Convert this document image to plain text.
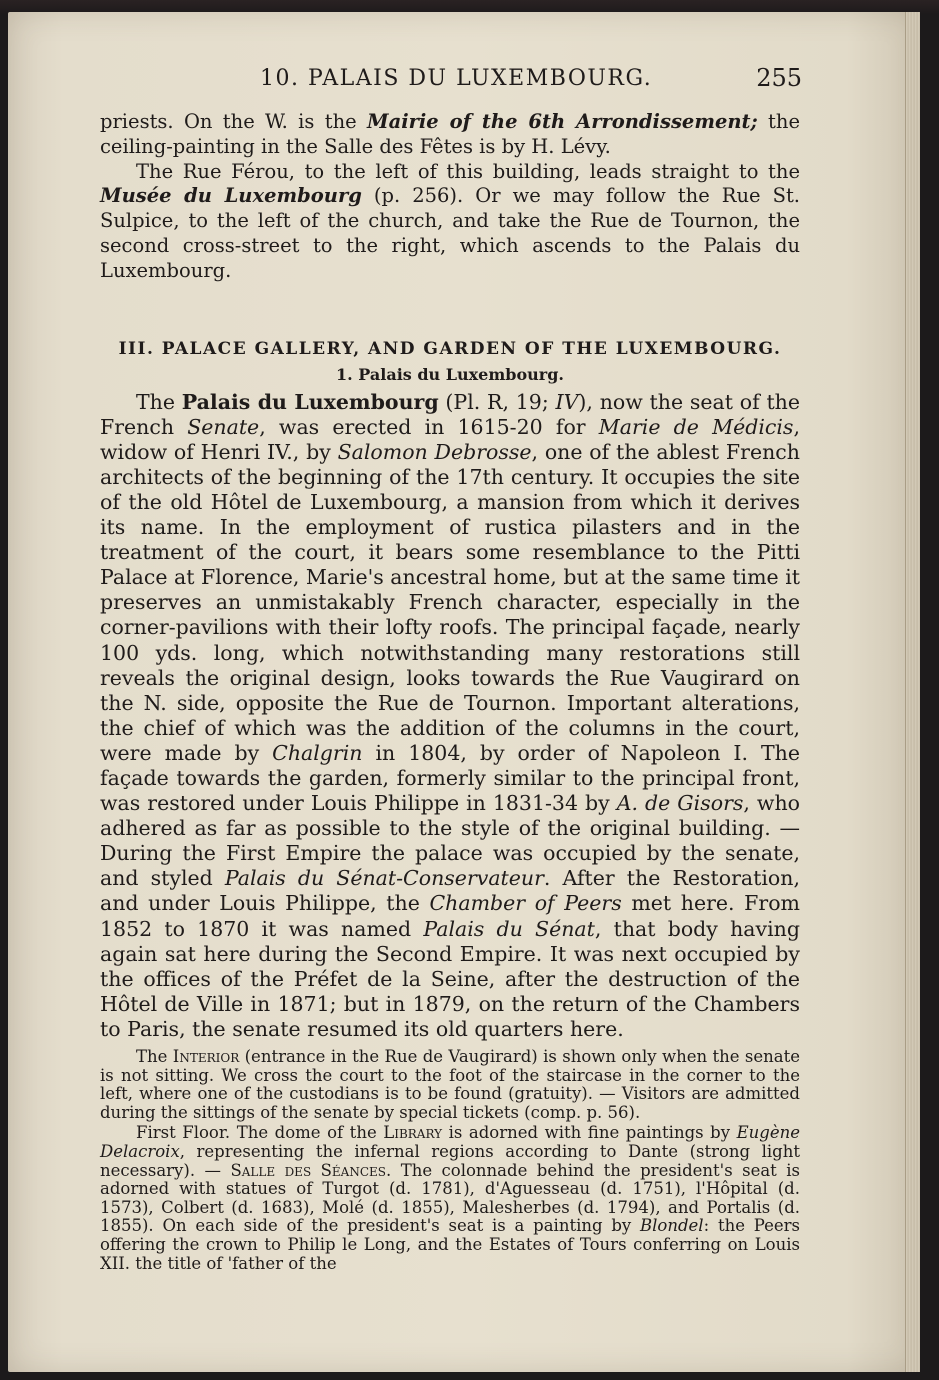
10. PALAIS DU LUXEMBOURG.	255

priests. On the W. is the Mairie of the 6th Arrondissement; the ceiling-painting in the Salle des Fêtes is by H. Lévy.

The Rue Férou, to the left of this building, leads straight to the Musée du Luxembourg (p. 256). Or we may follow the Rue St. Sulpice, to the left of the church, and take the Rue de Tournon, the second cross-street to the right, which ascends to the Palais du Luxembourg.

III. PALACE GALLERY, AND GARDEN OF THE LUXEMBOURG.
1. Palais du Luxembourg.

The Palais du Luxembourg (Pl. R, 19; IV), now the seat of the French Senate, was erected in 1615-20 for Marie de Médicis, widow of Henri IV., by Salomon Debrosse, one of the ablest French architects of the beginning of the 17th century. It occupies the site of the old Hôtel de Luxembourg, a mansion from which it derives its name. In the employment of rustica pilasters and in the treatment of the court, it bears some resemblance to the Pitti Palace at Florence, Marie's ancestral home, but at the same time it preserves an unmistakably French character, especially in the corner-pavilions with their lofty roofs. The principal façade, nearly 100 yds. long, which notwithstanding many restorations still reveals the original design, looks towards the Rue Vaugirard on the N. side, opposite the Rue de Tournon. Important alterations, the chief of which was the addition of the columns in the court, were made by Chalgrin in 1804, by order of Napoleon I. The façade towards the garden, formerly similar to the principal front, was restored under Louis Philippe in 1831-34 by A. de Gisors, who adhered as far as possible to the style of the original building. — During the First Empire the palace was occupied by the senate, and styled Palais du Sénat-Conservateur. After the Restoration, and under Louis Philippe, the Chamber of Peers met here. From 1852 to 1870 it was named Palais du Sénat, that body having again sat here during the Second Empire. It was next occupied by the offices of the Préfet de la Seine, after the destruction of the Hôtel de Ville in 1871; but in 1879, on the return of the Chambers to Paris, the senate resumed its old quarters here.

The Interior (entrance in the Rue de Vaugirard) is shown only when the senate is not sitting. We cross the court to the foot of the staircase in the corner to the left, where one of the custodians is to be found (gratuity). — Visitors are admitted during the sittings of the senate by special tickets (comp. p. 56).

First Floor. The dome of the Library is adorned with fine paintings by Eugène Delacroix, representing the infernal regions according to Dante (strong light necessary). — Salle des Séances. The colonnade behind the president's seat is adorned with statues of Turgot (d. 1781), d'Aguesseau (d. 1751), l'Hôpital (d. 1573), Colbert (d. 1683), Molé (d. 1855), Malesherbes (d. 1794), and Portalis (d. 1855). On each side of the president's seat is a painting by Blondel: the Peers offering the crown to Philip le Long, and the Estates of Tours conferring on Louis XII. the title of 'father of the
